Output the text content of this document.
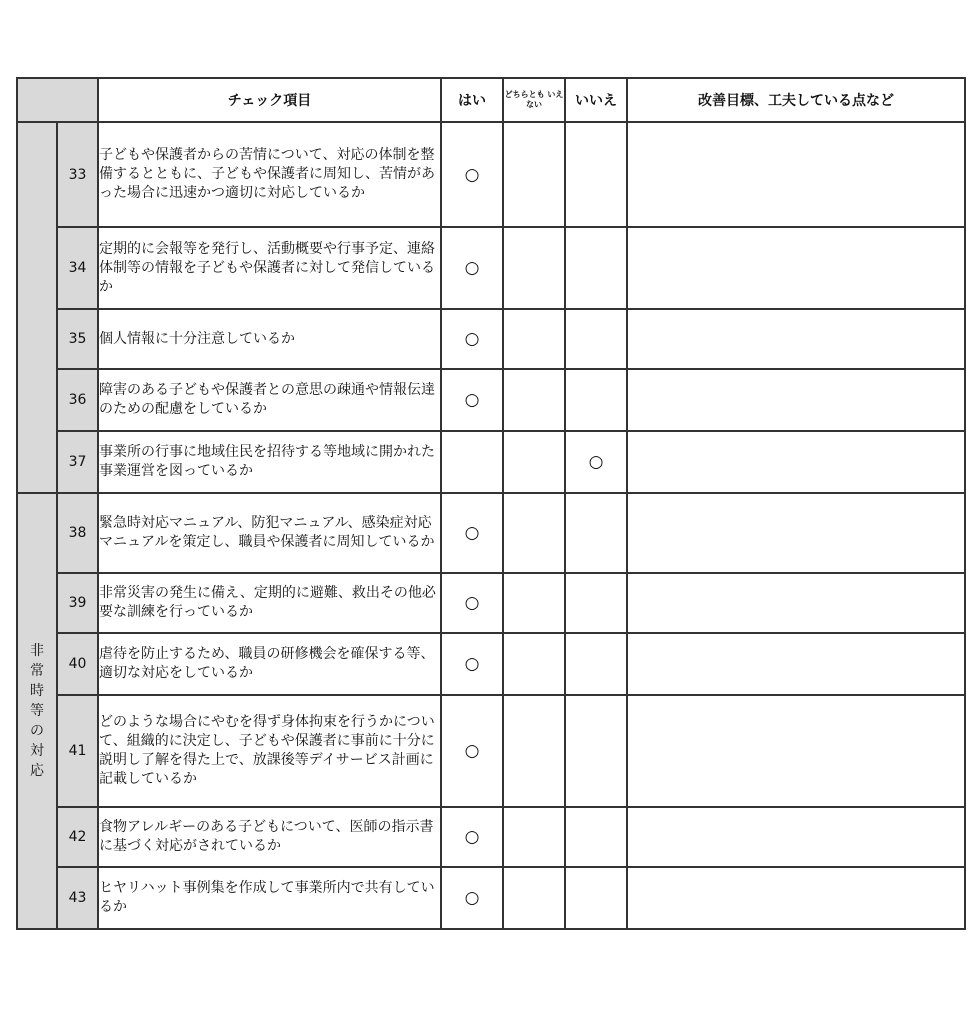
		チェック項目	はい	どちらとも いえない	いいえ	改善目標、工夫している点など
	33	子どもや保護者からの苦情について、対応の体制を整備するとともに、子どもや保護者に周知し、苦情があった場合に迅速かつ適切に対応しているか	○			
	34	定期的に会報等を発行し、活動概要や行事予定、連絡体制等の情報を子どもや保護者に対して発信しているか	○			
	35	個人情報に十分注意しているか	○			
	36	障害のある子どもや保護者との意思の疎通や情報伝達のための配慮をしているか	○			
	37	事業所の行事に地域住民を招待する等地域に開かれた事業運営を図っているか			○	
非常時等の対応	38	緊急時対応マニュアル、防犯マニュアル、感染症対応マニュアルを策定し、職員や保護者に周知しているか	○			
	39	非常災害の発生に備え、定期的に避難、救出その他必要な訓練を行っているか	○			
	40	虐待を防止するため、職員の研修機会を確保する等、適切な対応をしているか	○			
	41	どのような場合にやむを得ず身体拘束を行うかについて、組織的に決定し、子どもや保護者に事前に十分に説明し了解を得た上で、放課後等デイサービス計画に記載しているか	○			
	42	食物アレルギーのある子どもについて、医師の指示書に基づく対応がされているか	○			
	43	ヒヤリハット事例集を作成して事業所内で共有しているか	○			
